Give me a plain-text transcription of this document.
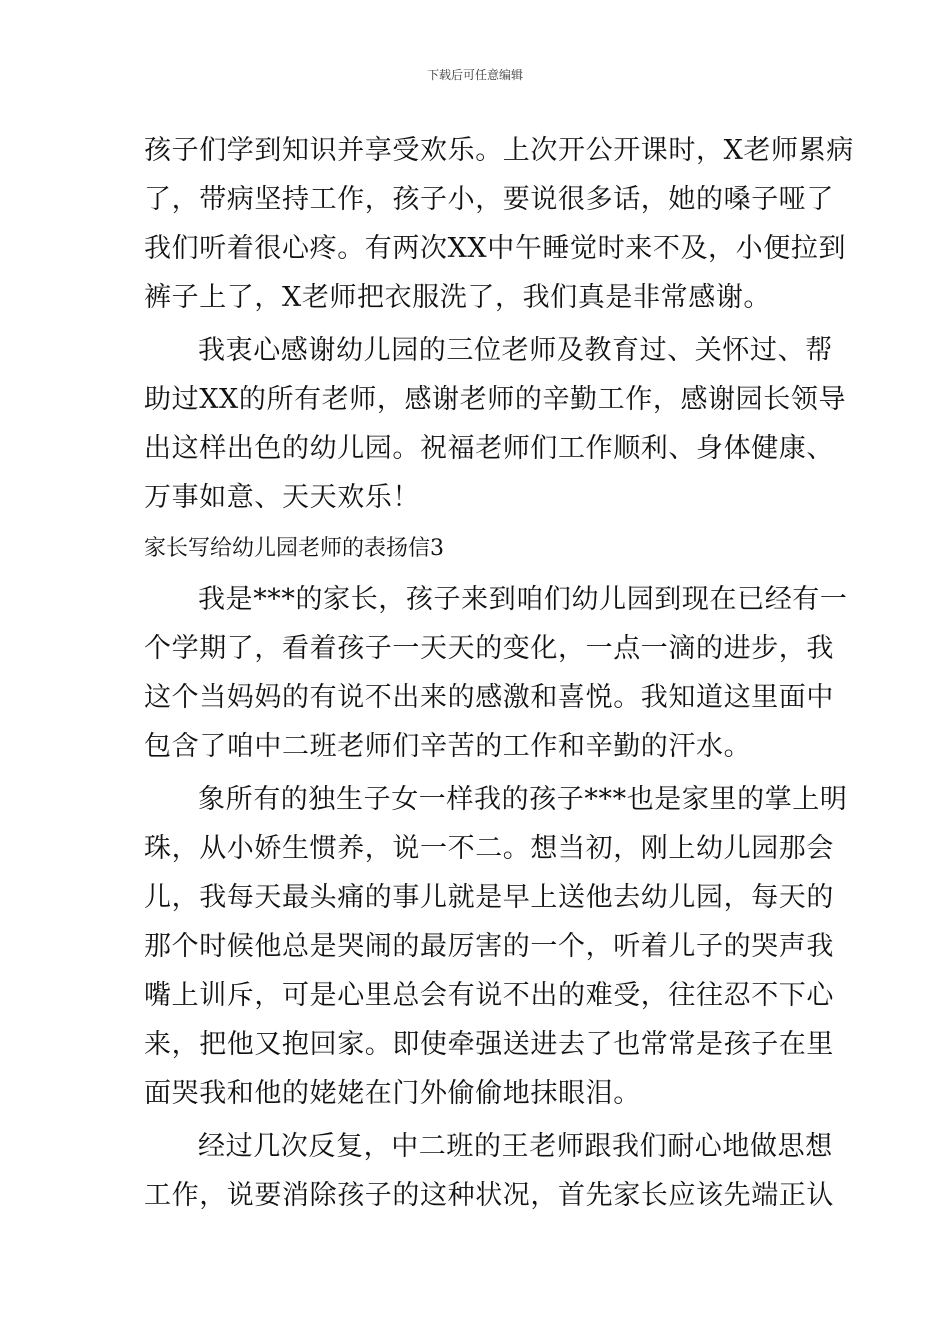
下载后可任意编辑
孩子们学到知识并享受欢乐。上次开公开课时，X老师累病
了，带病坚持工作，孩子小，要说很多话，她的嗓子哑了
我们听着很心疼。有两次XX中午睡觉时来不及，小便拉到
裤子上了，X老师把衣服洗了，我们真是非常感谢。
我衷心感谢幼儿园的三位老师及教育过、关怀过、帮
助过XX的所有老师，感谢老师的辛勤工作，感谢园长领导
出这样出色的幼儿园。祝福老师们工作顺利、身体健康、
万事如意、天天欢乐！
家长写给幼儿园老师的表扬信3
我是***的家长，孩子来到咱们幼儿园到现在已经有一
个学期了，看着孩子一天天的变化，一点一滴的进步，我
这个当妈妈的有说不出来的感激和喜悦。我知道这里面中
包含了咱中二班老师们辛苦的工作和辛勤的汗水。
象所有的独生子女一样我的孩子***也是家里的掌上明
珠，从小娇生惯养，说一不二。想当初，刚上幼儿园那会
儿，我每天最头痛的事儿就是早上送他去幼儿园，每天的
那个时候他总是哭闹的最厉害的一个，听着儿子的哭声我
嘴上训斥，可是心里总会有说不出的难受，往往忍不下心
来，把他又抱回家。即使牵强送进去了也常常是孩子在里
面哭我和他的姥姥在门外偷偷地抹眼泪。
经过几次反复，中二班的王老师跟我们耐心地做思想
工作，说要消除孩子的这种状况，首先家长应该先端正认
